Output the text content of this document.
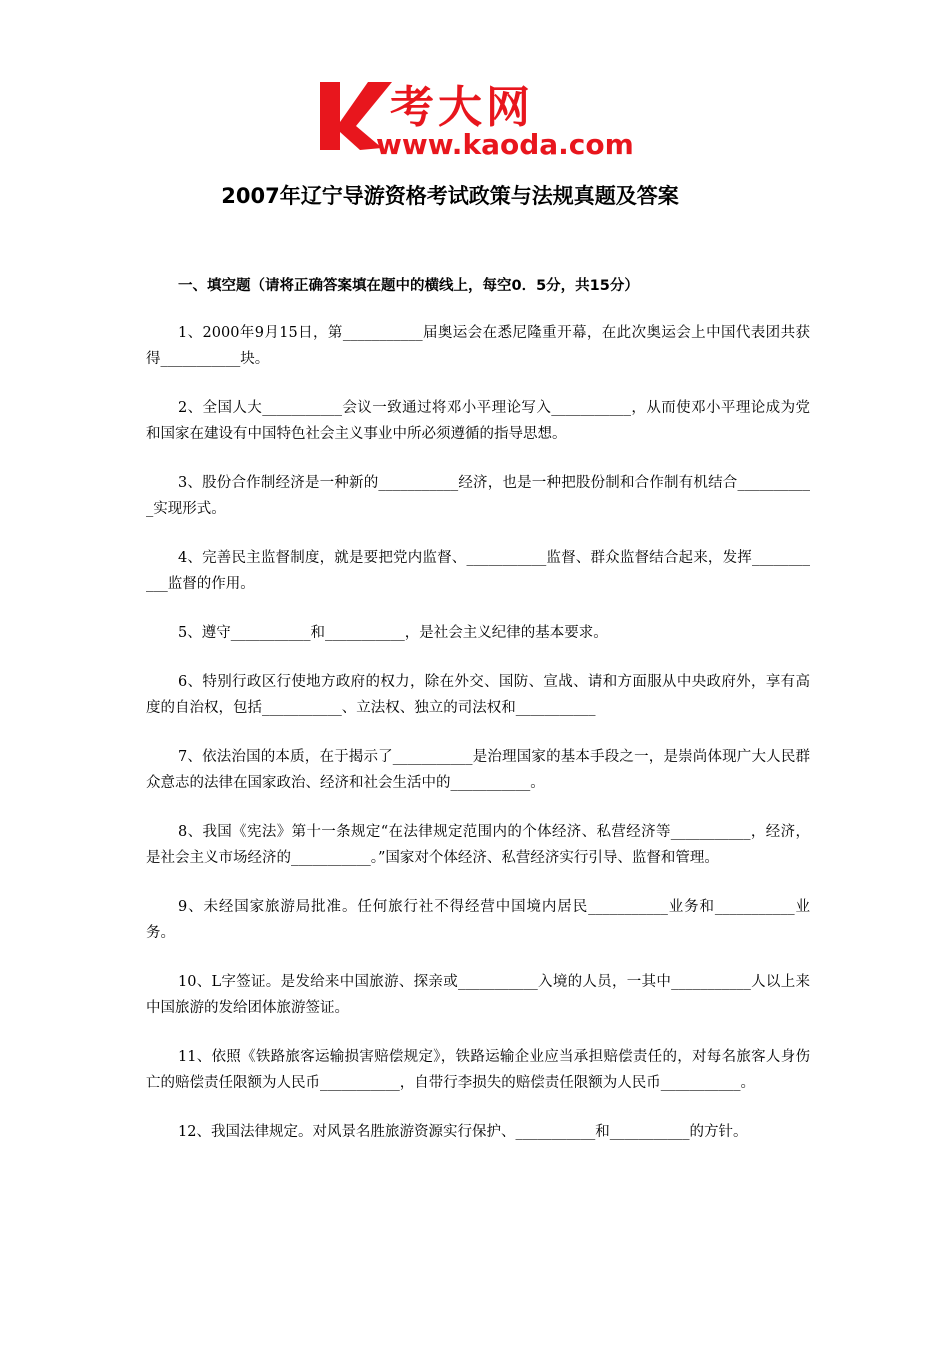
考大网
www.kaoda.com
2007年辽宁导游资格考试政策与法规真题及答案
一、填空题（请将正确答案填在题中的横线上，每空0．5分，共15分）

1、2000年9月15日，第___________届奥运会在悉尼隆重开幕，在此次奥运会上中国代表团共获得___________块。

2、全国人大___________会议一致通过将邓小平理论写入___________，从而使邓小平理论成为党和国家在建设有中国特色社会主义事业中所必须遵循的指导思想。

3、股份合作制经济是一种新的___________经济，也是一种把股份制和合作制有机结合___________实现形式。

4、完善民主监督制度，就是要把党内监督、___________监督、群众监督结合起来，发挥___________监督的作用。

5、遵守___________和___________，是社会主义纪律的基本要求。

6、特别行政区行使地方政府的权力，除在外交、国防、宣战、请和方面服从中央政府外，享有高度的自治权，包括___________、立法权、独立的司法权和___________

7、依法治国的本质，在于揭示了___________是治理国家的基本手段之一，是崇尚体现广大人民群众意志的法律在国家政治、经济和社会生活中的___________。

8、我国《宪法》第十一条规定“在法律规定范围内的个体经济、私营经济等___________，经济，是社会主义市场经济的___________。”国家对个体经济、私营经济实行引导、监督和管理。

9、未经国家旅游局批准。任何旅行社不得经营中国境内居民___________业务和___________业务。

10、L字签证。是发给来中国旅游、探亲或___________入境的人员，一其中___________人以上来中国旅游的发给团体旅游签证。

11、依照《铁路旅客运输损害赔偿规定》，铁路运输企业应当承担赔偿责任的，对每名旅客人身伤亡的赔偿责任限额为人民币___________，自带行李损失的赔偿责任限额为人民币___________。

12、我国法律规定。对风景名胜旅游资源实行保护、___________和___________的方针。
